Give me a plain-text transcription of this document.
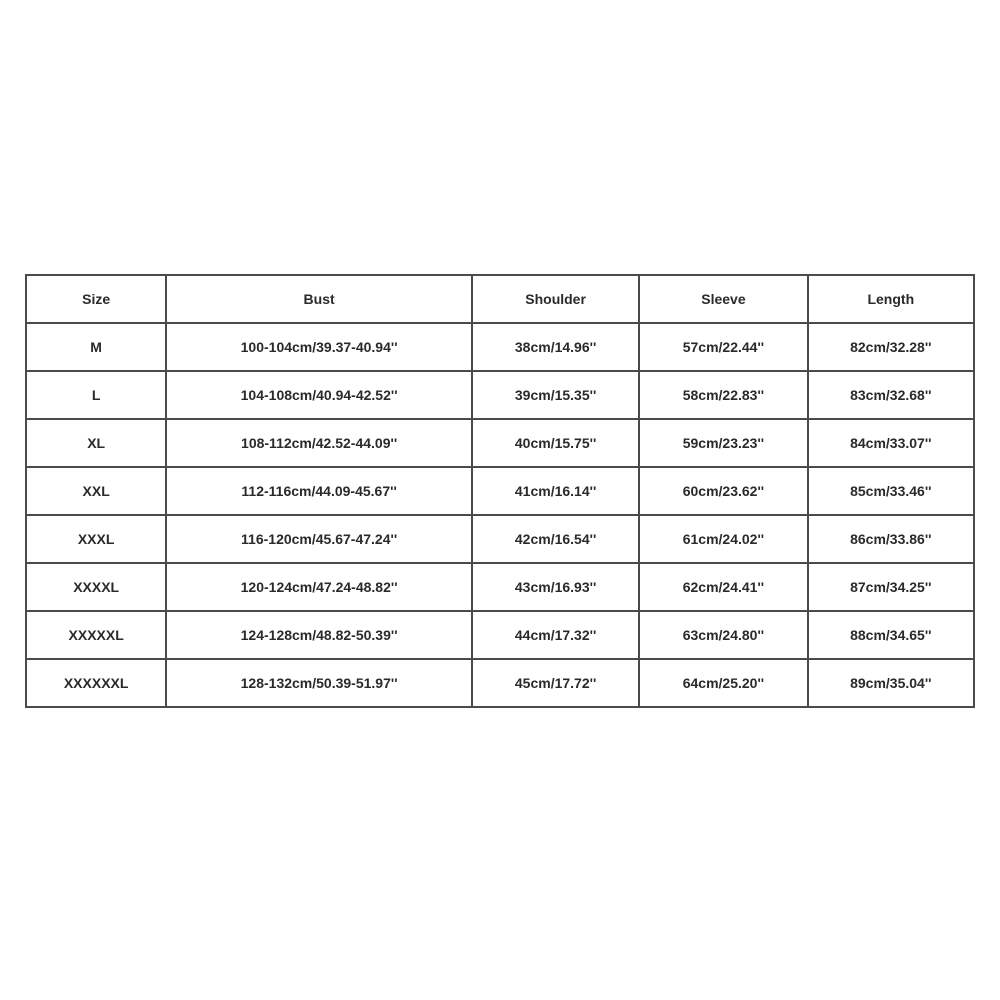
Size	Bust	Shoulder	Sleeve	Length
M	100-104cm/39.37-40.94''	38cm/14.96''	57cm/22.44''	82cm/32.28''
L	104-108cm/40.94-42.52''	39cm/15.35''	58cm/22.83''	83cm/32.68''
XL	108-112cm/42.52-44.09''	40cm/15.75''	59cm/23.23''	84cm/33.07''
XXL	112-116cm/44.09-45.67''	41cm/16.14''	60cm/23.62''	85cm/33.46''
XXXL	116-120cm/45.67-47.24''	42cm/16.54''	61cm/24.02''	86cm/33.86''
XXXXL	120-124cm/47.24-48.82''	43cm/16.93''	62cm/24.41''	87cm/34.25''
XXXXXL	124-128cm/48.82-50.39''	44cm/17.32''	63cm/24.80''	88cm/34.65''
XXXXXXL	128-132cm/50.39-51.97''	45cm/17.72''	64cm/25.20''	89cm/35.04''
